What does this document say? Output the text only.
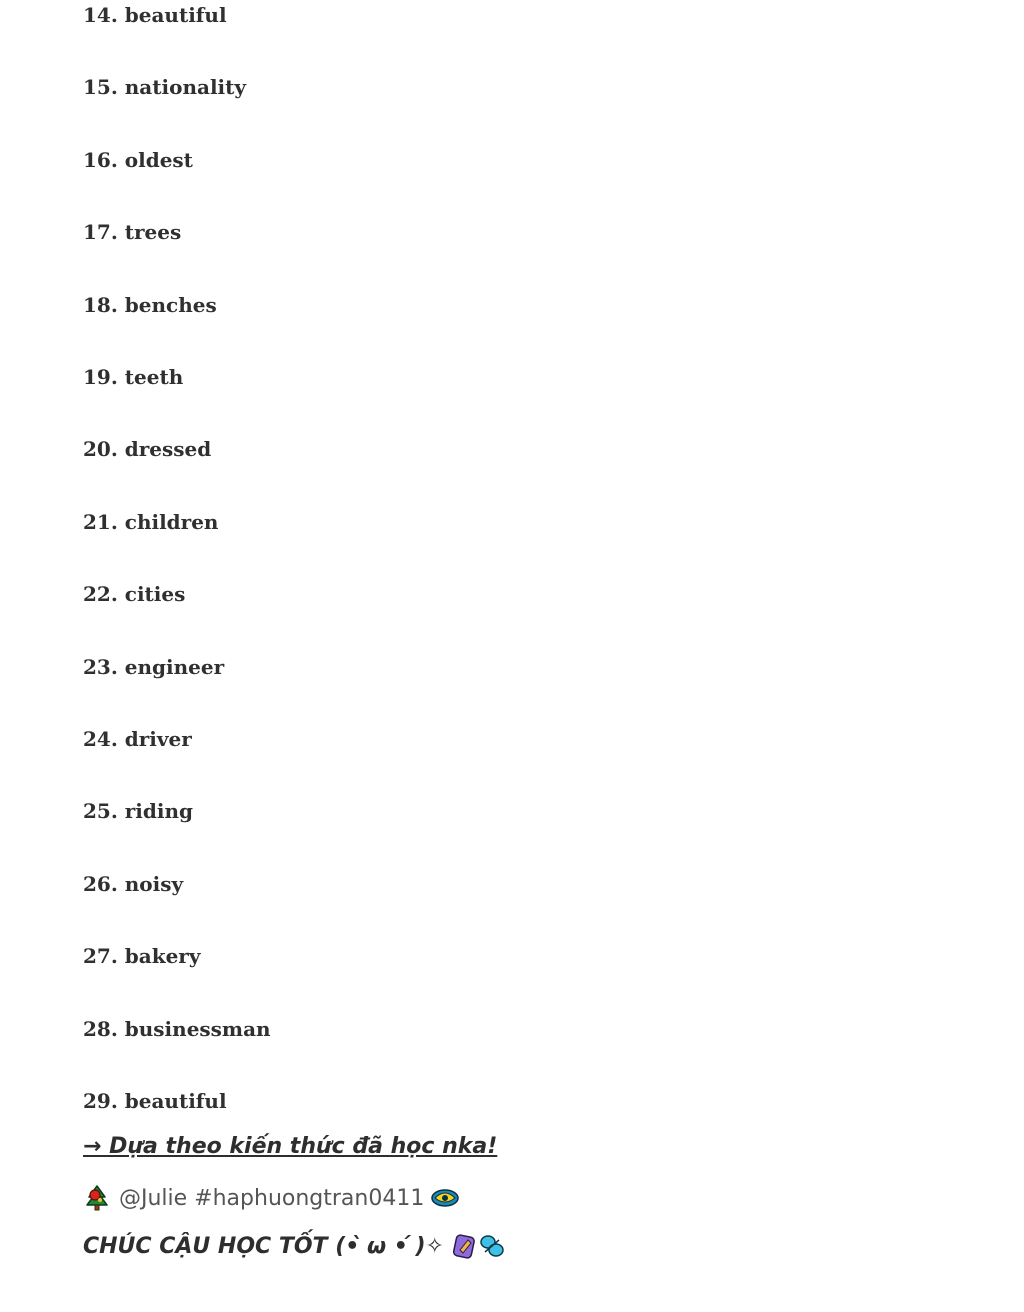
14. beautiful
15. nationality
16. oldest
17. trees
18. benches
19. teeth
20. dressed
21. children
22. cities
23. engineer
24. driver
25. riding
26. noisy
27. bakery
28. businessman
29. beautiful
→ Dựa theo kiến thức đã học nka!
@Julie #haphuongtran0411
CHÚC CẬU HỌC TỐT (•̀ ω •́ )✧
